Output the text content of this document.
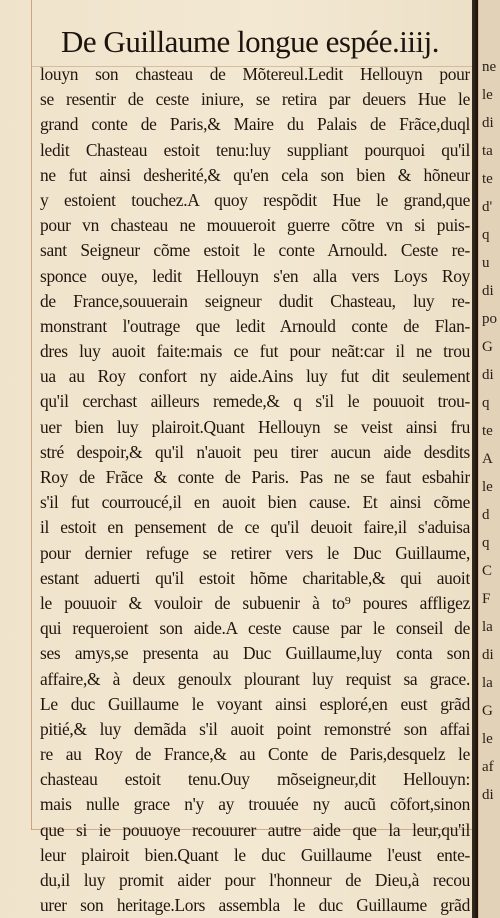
De Guillaume longue espée.iiij.
louyn son chasteau de Mõtereul.Ledit Hellouyn pour
se resentir de ceste iniure, se retira par deuers Hue le
grand conte de Paris,& Maire du Palais de Frãce,duql
ledit Chasteau estoit tenu:luy suppliant pourquoi qu'il
ne fut ainsi desherité,& qu'en cela son bien & hõneur
y estoient touchez.A quoy respõdit Hue le grand,que
pour vn chasteau ne mouueroit guerre cõtre vn si puis-
sant Seigneur cõme estoit le conte Arnould. Ceste re-
sponce ouye, ledit Hellouyn s'en alla vers Loys Roy
de France,souuerain seigneur dudit Chasteau, luy re-
monstrant l'outrage que ledit Arnould conte de Flan-
dres luy auoit faite:mais ce fut pour neãt:car il ne trou
ua au Roy confort ny aide.Ains luy fut dit seulement
qu'il cerchast ailleurs remede,& q s'il le pouuoit trou-
uer bien luy plairoit.Quant Hellouyn se veist ainsi fru
stré despoir,& qu'il n'auoit peu tirer aucun aide desdits
Roy de Frãce & conte de Paris. Pas ne se faut esbahir
s'il fut courroucé,il en auoit bien cause. Et ainsi cõme
il estoit en pensement de ce qu'il deuoit faire,il s'aduisa
pour dernier refuge se retirer vers le Duc Guillaume,
estant aduerti qu'il estoit hõme charitable,& qui auoit
le pouuoir & vouloir de subuenir à to⁹ poures affligez
qui requeroient son aide.A ceste cause par le conseil de
ses amys,se presenta au Duc Guillaume,luy conta son
affaire,& à deux genoulx plourant luy requist sa grace.
Le duc Guillaume le voyant ainsi esploré,en eust grãd
pitié,& luy demãda s'il auoit point remonstré son affai
re au Roy de France,& au Conte de Paris,desquelz le
chasteau estoit tenu.Ouy mõseigneur,dit Hellouyn:
mais nulle grace n'y ay trouuée ny aucũ cõfort,sinon
que si ie pouuoye recouurer autre aide que la leur,qu'il
leur plairoit bien.Quant le duc Guillaume l'eust ente-
du,il luy promit aider pour l'honneur de Dieu,à recou
urer son heritage.Lors assembla le duc Guillaume grãd
ne
le
di
ta
te
d'
q
u
di
po
G
di
q
te
A
le
d
q
C
F
la
di
la
G
le
af
di
